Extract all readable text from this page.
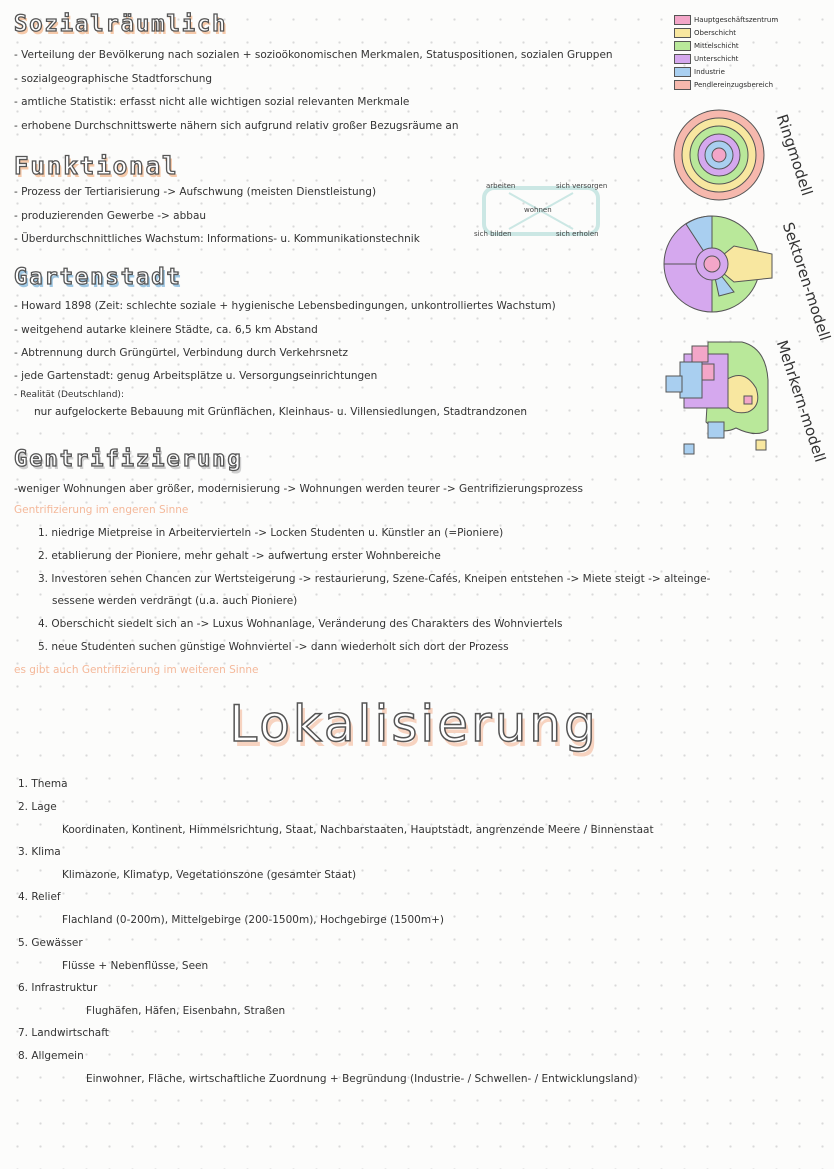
Sozialräumlich
- Verteilung der Bevölkerung nach sozialen + sozioökonomischen Merkmalen, Statuspositionen, sozialen Gruppen
- sozialgeographische Stadtforschung
- amtliche Statistik: erfasst nicht alle wichtigen sozial relevanten Merkmale
- erhobene Durchschnittswerte nähern sich aufgrund relativ großer Bezugsräume an
Funktional
- Prozess der Tertiarisierung -> Aufschwung (meisten Dienstleistung)
- produzierenden Gewerbe -> abbau
- Überdurchschnittliches Wachstum: Informations- u. Kommunikationstechnik
arbeiten	sich versorgen
wohnen
sich bilden	sich erholen
Gartenstadt
- Howard 1898 (Zeit: schlechte soziale + hygienische Lebensbedingungen, unkontrolliertes Wachstum)
- weitgehend autarke kleinere Städte, ca. 6,5 km Abstand
- Abtrennung durch Grüngürtel, Verbindung durch Verkehrsnetz
- jede Gartenstadt: genug Arbeitsplätze u. Versorgungseinrichtungen
- Realität (Deutschland):
nur aufgelockerte Bebauung mit Grünflächen, Kleinhaus- u. Villensiedlungen, Stadtrandzonen
Gentrifizierung
-weniger Wohnungen aber größer, modernisierung -> Wohnungen werden teurer -> Gentrifizierungsprozess
Gentrifizierung im engeren Sinne
1. niedrige Mietpreise in Arbeitervierteln -> Locken Studenten u. Künstler an (=Pioniere)
2. etablierung der Pioniere, mehr gehalt -> aufwertung erster Wohnbereiche
3. Investoren sehen Chancen zur Wertsteigerung -> restaurierung, Szene-Cafés, Kneipen entstehen -> Miete steigt -> alteinge-
sessene werden verdrängt (u.a. auch Pioniere)
4. Oberschicht siedelt sich an -> Luxus Wohnanlage, Veränderung des Charakters des Wohnviertels
5. neue Studenten suchen günstige Wohnviertel -> dann wiederholt sich dort der Prozess
es gibt auch Gentrifizierung im weiteren Sinne
Hauptgeschäftszentrum
Oberschicht
Mittelschicht
Unterschicht
Industrie
Pendlereinzugsbereich
Ringmodell
Sektoren-modell
Mehrkern-modell
Lokalisierung
1. Thema
2. Lage
Koordinaten, Kontinent, Himmelsrichtung, Staat, Nachbarstaaten, Hauptstadt, angrenzende Meere / Binnenstaat
3. Klima
Klimazone, Klimatyp, Vegetationszone (gesamter Staat)
4. Relief
Flachland (0-200m), Mittelgebirge (200-1500m), Hochgebirge (1500m+)
5. Gewässer
Flüsse + Nebenflüsse, Seen
6. Infrastruktur
Flughäfen, Häfen, Eisenbahn, Straßen
7. Landwirtschaft
8. Allgemein
Einwohner, Fläche, wirtschaftliche Zuordnung + Begründung (Industrie- / Schwellen- / Entwicklungsland)
